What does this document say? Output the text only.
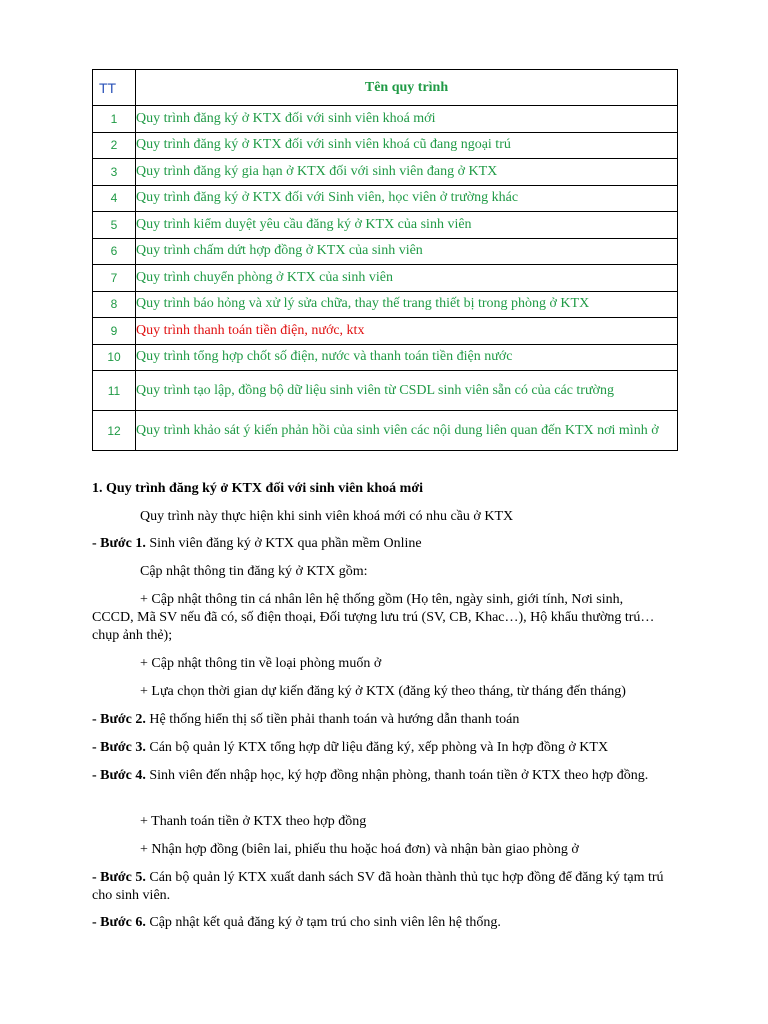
TT	Tên quy trình
1	Quy trình đăng ký ở KTX đối với sinh viên khoá mới
2	Quy trình đăng ký ở KTX đối với sinh viên khoá cũ đang ngoại trú
3	Quy trình đăng ký gia hạn ở KTX đối với sinh viên đang ở KTX
4	Quy trình đăng ký ở KTX đối với Sinh viên, học viên ở trường khác
5	Quy trình kiểm duyệt yêu cầu đăng ký ở KTX của sinh viên
6	Quy trình chấm dứt hợp đồng ở KTX của sinh viên
7	Quy trình chuyển phòng ở KTX của sinh viên
8	Quy trình báo hỏng và xử lý sửa chữa, thay thế trang thiết bị trong phòng ở KTX
9	Quy trình thanh toán tiền điện, nước, ktx
10	Quy trình tổng hợp chốt số điện, nước và thanh toán tiền điện nước
11	Quy trình tạo lập, đồng bộ dữ liệu sinh viên từ CSDL sinh viên sẵn có của các trường
12	Quy trình khảo sát ý kiến phản hồi của sinh viên các nội dung liên quan đến KTX nơi mình ở
1. Quy trình đăng ký ở KTX đối với sinh viên khoá mới
Quy trình này thực hiện khi sinh viên khoá mới có nhu cầu ở KTX
- Bước 1. Sinh viên đăng ký ở KTX qua phần mềm Online
Cập nhật thông tin đăng ký ở KTX gồm:
+ Cập nhật thông tin cá nhân lên hệ thống gồm (Họ tên, ngày sinh, giới tính, Nơi sinh,
CCCD, Mã SV nếu đã có, số điện thoại, Đối tượng lưu trú (SV, CB, Khac…), Hộ khẩu thường trú… chụp ảnh thẻ);
+ Cập nhật thông tin về loại phòng muốn ở
+ Lựa chọn thời gian dự kiến đăng ký ở KTX (đăng ký theo tháng, từ tháng đến tháng)
- Bước 2. Hệ thống hiển thị số tiền phải thanh toán và hướng dẫn thanh toán
- Bước 3. Cán bộ quản lý KTX tổng hợp dữ liệu đăng ký, xếp phòng và In hợp đồng ở KTX
- Bước 4. Sinh viên đến nhập học, ký hợp đồng nhận phòng, thanh toán tiền ở KTX theo hợp đồng.
+ Thanh toán tiền ở KTX theo hợp đồng
+ Nhận hợp đồng (biên lai, phiếu thu hoặc hoá đơn) và nhận bàn giao phòng ở
- Bước 5. Cán bộ quản lý KTX xuất danh sách SV đã hoàn thành thủ tục hợp đồng để đăng ký tạm trú cho sinh viên.
- Bước 6. Cập nhật kết quả đăng ký ở tạm trú cho sinh viên lên hệ thống.
